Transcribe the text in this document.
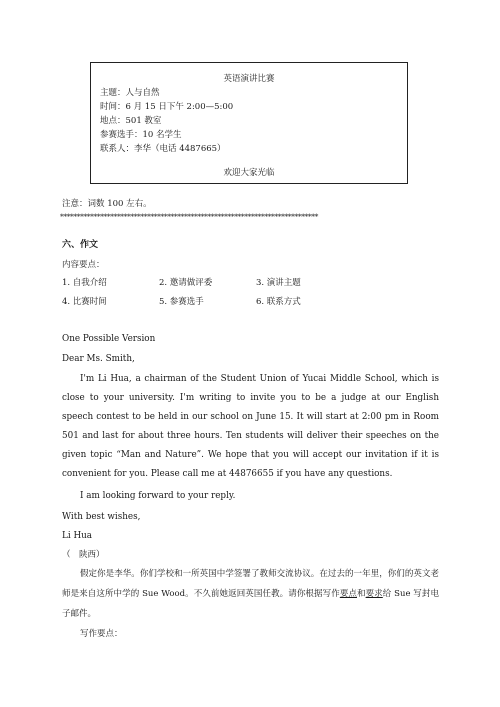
英语演讲比赛
主题：人与自然
时间：6 月 15 日下午 2:00—5:00
地点：501 教室
参赛选手：10 名学生
联系人：李华（电话 4487665）
欢迎大家光临
注意：词数 100 左右。
*****************************************************************************
六、作文
内容要点：
1. 自我介绍	2. 邀请做评委	3. 演讲主题
4. 比赛时间	5. 参赛选手	6. 联系方式
One Possible Version
Dear Ms. Smith,
I'm Li Hua, a chairman of the Student Union of Yucai Middle School, which is close to your university. I'm writing to invite you to be a judge at our English speech contest to be held in our school on June 15. It will start at 2:00 pm in Room 501 and last for about three hours. Ten students will deliver their speeches on the given topic “Man and Nature”. We hope that you will accept our invitation if it is convenient for you. Please call me at 44876655 if you have any questions.
I am looking forward to your reply.
With best wishes,
Li Hua
（　陕西）
假定你是李华。你们学校和一所英国中学签署了教师交流协议。在过去的一年里，你们的英文老师是来自这所中学的 Sue Wood。不久前她返回英国任教。请你根据写作要点和要求给 Sue 写封电子邮件。
写作要点：
